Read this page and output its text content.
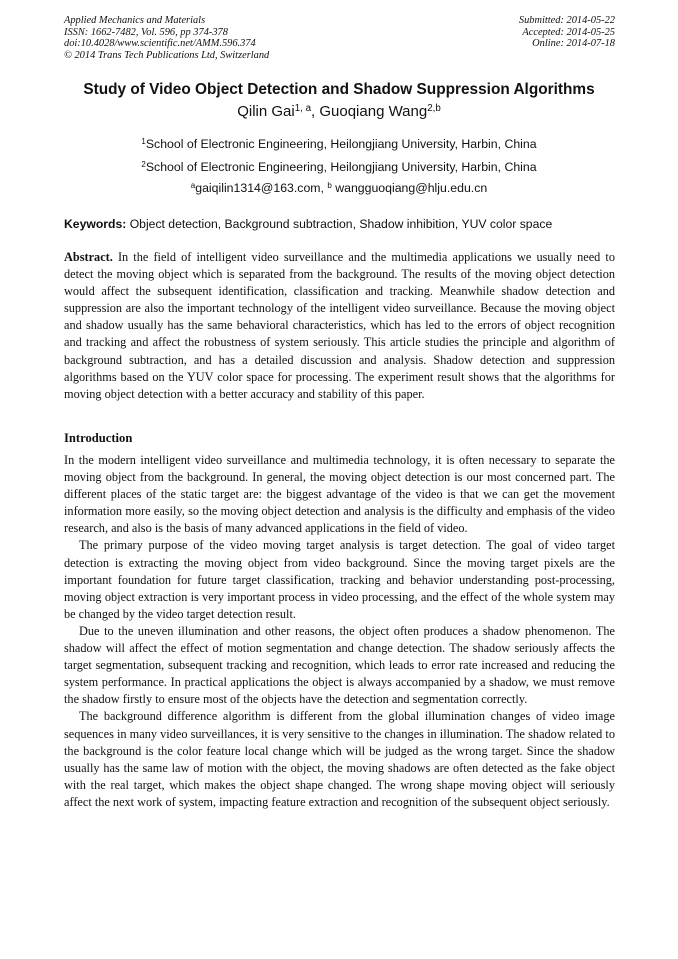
Applied Mechanics and Materials
ISSN: 1662-7482, Vol. 596, pp 374-378
doi:10.4028/www.scientific.net/AMM.596.374
© 2014 Trans Tech Publications Ltd, Switzerland
Submitted: 2014-05-22
Accepted: 2014-05-25
Online: 2014-07-18
Study of Video Object Detection and Shadow Suppression Algorithms
Qilin Gai$^{1, a}$, Guoqiang Wang$^{2,b}$
$^1$School of Electronic Engineering, Heilongjiang University, Harbin, China
$^2$School of Electronic Engineering, Heilongjiang University, Harbin, China
$^a$gaiqilin1314@163.com, $^b$ wangguoqiang@hlju.edu.cn
Keywords: Object detection, Background subtraction, Shadow inhibition, YUV color space

Abstract. In the field of intelligent video surveillance and the multimedia applications we usually need to detect the moving object which is separated from the background. The results of the moving object detection would affect the subsequent identification, classification and tracking. Meanwhile shadow detection and suppression are also the important technology of the intelligent video surveillance. Because the moving object and shadow usually has the same behavioral characteristics, which has led to the errors of object recognition and tracking and affect the robustness of system seriously. This article studies the principle and algorithm of background subtraction, and has a detailed discussion and analysis. Shadow detection and suppression algorithms based on the YUV color space for processing. The experiment result shows that the algorithms for moving object detection with a better accuracy and stability of this paper.

Introduction

In the modern intelligent video surveillance and multimedia technology, it is often necessary to separate the moving object from the background. In general, the moving object detection is our most concerned part. The different places of the static target are: the biggest advantage of the video is that we can get the movement information more easily, so the moving object detection and analysis is the difficulty and emphasis of the video research, and also is the basis of many advanced applications in the field of video.

The primary purpose of the video moving target analysis is target detection. The goal of video target detection is extracting the moving object from video background. Since the moving target pixels are the important foundation for future target classification, tracking and behavior understanding post-processing, moving object extraction is very important process in video processing, and the effect of the whole system may be changed by the video target detection result.

Due to the uneven illumination and other reasons, the object often produces a shadow phenomenon. The shadow will affect the effect of motion segmentation and change detection. The shadow seriously affects the target segmentation, subsequent tracking and recognition, which leads to error rate increased and reducing the system performance. In practical applications the object is always accompanied by a shadow, we must remove the shadow firstly to ensure most of the objects have the detection and segmentation correctly.

The background difference algorithm is different from the global illumination changes of video image sequences in many video surveillances, it is very sensitive to the changes in illumination. The shadow related to the background is the color feature local change which will be judged as the wrong target. Since the shadow usually has the same law of motion with the object, the moving shadows are often detected as the fake object with the real target, which makes the object shape changed. The wrong shape moving object will seriously affect the next work of system, impacting feature extraction and recognition of the subsequent object seriously.
